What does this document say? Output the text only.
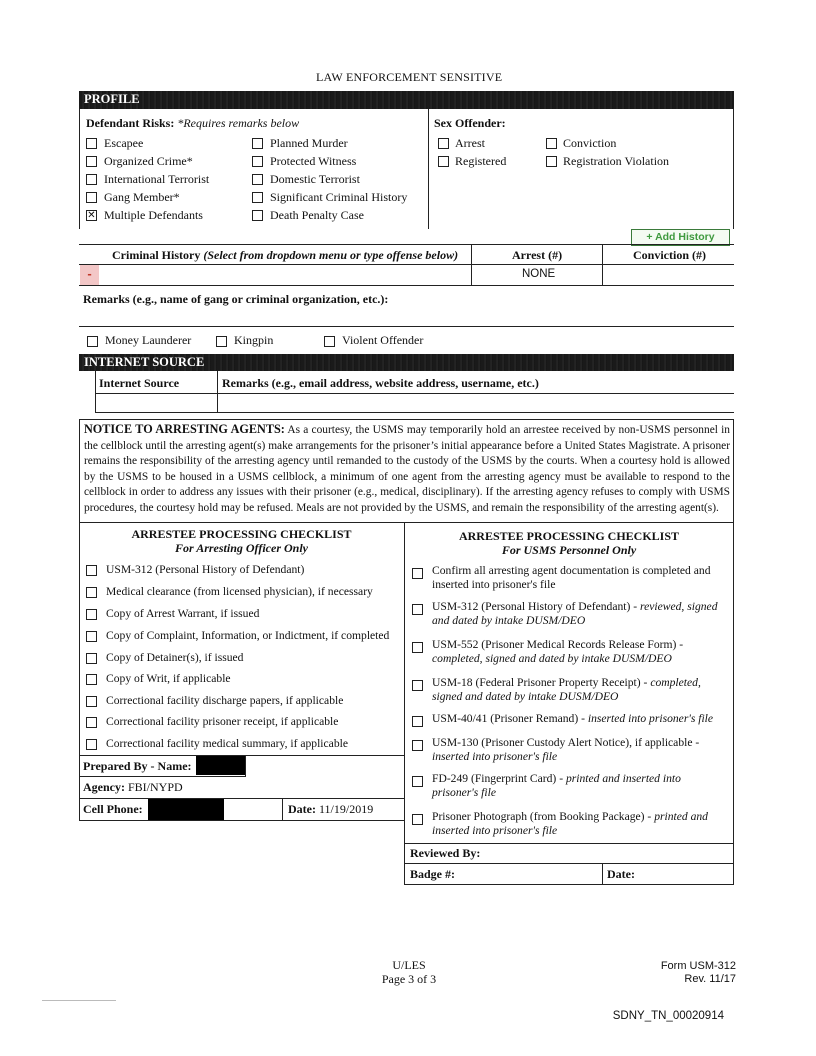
LAW ENFORCEMENT SENSITIVE
PROFILE
Defendant Risks: *Requires remarks below
Escapee
Organized Crime*
International Terrorist
Gang Member*
✕ Multiple Defendants
Planned Murder
Protected Witness
Domestic Terrorist
Significant Criminal History
Death Penalty Case
Sex Offender:
Arrest
Registered
Conviction
Registration Violation
+ Add History
Criminal History (Select from dropdown menu or type offense below)	Arrest (#)	Conviction (#)
-	NONE
Remarks (e.g., name of gang or criminal organization, etc.):
Money Launderer	Kingpin	Violent Offender
INTERNET SOURCE
Internet Source	Remarks (e.g., email address, website address, username, etc.)
NOTICE TO ARRESTING AGENTS: As a courtesy, the USMS may temporarily hold an arrestee received by non-USMS personnel in the cellblock until the arresting agent(s) make arrangements for the prisoner’s initial appearance before a United States Magistrate. A prisoner remains the responsibility of the arresting agency until remanded to the custody of the USMS by the courts. When a courtesy hold is allowed by the USMS to be housed in a USMS cellblock, a minimum of one agent from the arresting agency must be available to respond to the cellblock in order to address any issues with their prisoner (e.g., medical, disciplinary). If the arresting agency refuses to comply with USMS procedures, the courtesy hold may be refused. Meals are not provided by the USMS, and remain the responsibility of the arresting agent(s).
ARRESTEE PROCESSING CHECKLIST
For Arresting Officer Only
USM-312 (Personal History of Defendant)
Medical clearance (from licensed physician), if necessary
Copy of Arrest Warrant, if issued
Copy of Complaint, Information, or Indictment, if completed
Copy of Detainer(s), if issued
Copy of Writ, if applicable
Correctional facility discharge papers, if applicable
Correctional facility prisoner receipt, if applicable
Correctional facility medical summary, if applicable
Prepared By - Name:
Agency: FBI/NYPD
Cell Phone:	Date: 11/19/2019
ARRESTEE PROCESSING CHECKLIST
For USMS Personnel Only
Confirm all arresting agent documentation is completed and inserted into prisoner's file
USM-312 (Personal History of Defendant) - reviewed, signed and dated by intake DUSM/DEO
USM-552 (Prisoner Medical Records Release Form) - completed, signed and dated by intake DUSM/DEO
USM-18 (Federal Prisoner Property Receipt) - completed, signed and dated by intake DUSM/DEO
USM-40/41 (Prisoner Remand) - inserted into prisoner's file
USM-130 (Prisoner Custody Alert Notice), if applicable - inserted into prisoner's file
FD-249 (Fingerprint Card) - printed and inserted into prisoner's file
Prisoner Photograph (from Booking Package) - printed and inserted into prisoner's file
Reviewed By:
Badge #:	Date:
U/LES
Page 3 of 3
Form USM-312
Rev. 11/17
SDNY_TN_00020914
